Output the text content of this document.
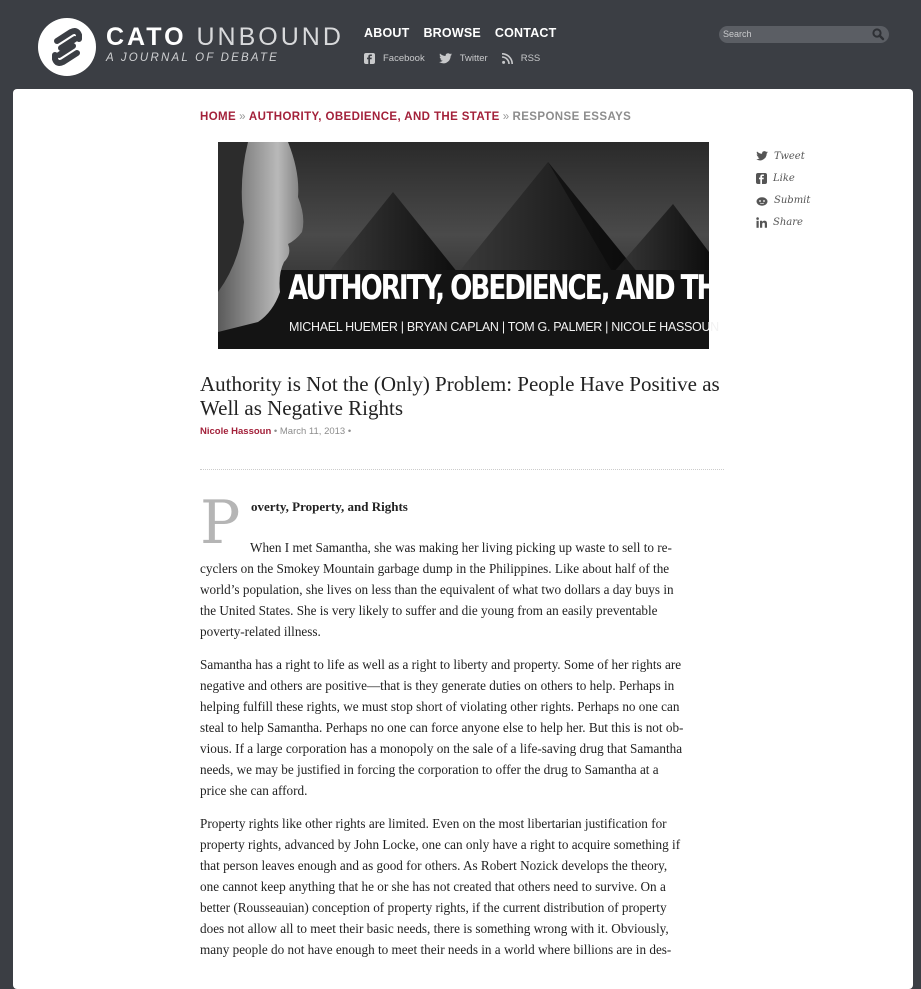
CATO UNBOUND
A JOURNAL OF DEBATE
ABOUT BROWSE CONTACT
Facebook	Twitter	RSS
Search
HOME » AUTHORITY, OBEDIENCE, AND THE STATE » RESPONSE ESSAYS
AUTHORITY, OBEDIENCE, AND THE STATE
MICHAEL HUEMER | BRYAN CAPLAN | TOM G. PALMER | NICOLE HASSOUN
Tweet
Like
Submit
Share
Authority is Not the (Only) Problem: People Have Positive as Well as Negative Rights
Nicole Hassoun • March 11, 2013 •
P overty, Property, and Rights

When I met Samantha, she was making her living picking up waste to sell to re-
cyclers on the Smokey Mountain garbage dump in the Philippines. Like about half of the
world’s population, she lives on less than the equivalent of what two dollars a day buys in
the United States. She is very likely to suffer and die young from an easily preventable
poverty-related illness.

Samantha has a right to life as well as a right to liberty and property. Some of her rights are
negative and others are positive—that is they generate duties on others to help. Perhaps in
helping fulfill these rights, we must stop short of violating other rights. Perhaps no one can
steal to help Samantha. Perhaps no one can force anyone else to help her. But this is not ob-
vious. If a large corporation has a monopoly on the sale of a life-saving drug that Samantha
needs, we may be justified in forcing the corporation to offer the drug to Samantha at a
price she can afford.

Property rights like other rights are limited. Even on the most libertarian justification for
property rights, advanced by John Locke, one can only have a right to acquire something if
that person leaves enough and as good for others. As Robert Nozick develops the theory,
one cannot keep anything that he or she has not created that others need to survive. On a
better (Rousseauian) conception of property rights, if the current distribution of property
does not allow all to meet their basic needs, there is something wrong with it. Obviously,
many people do not have enough to meet their needs in a world where billions are in des-
